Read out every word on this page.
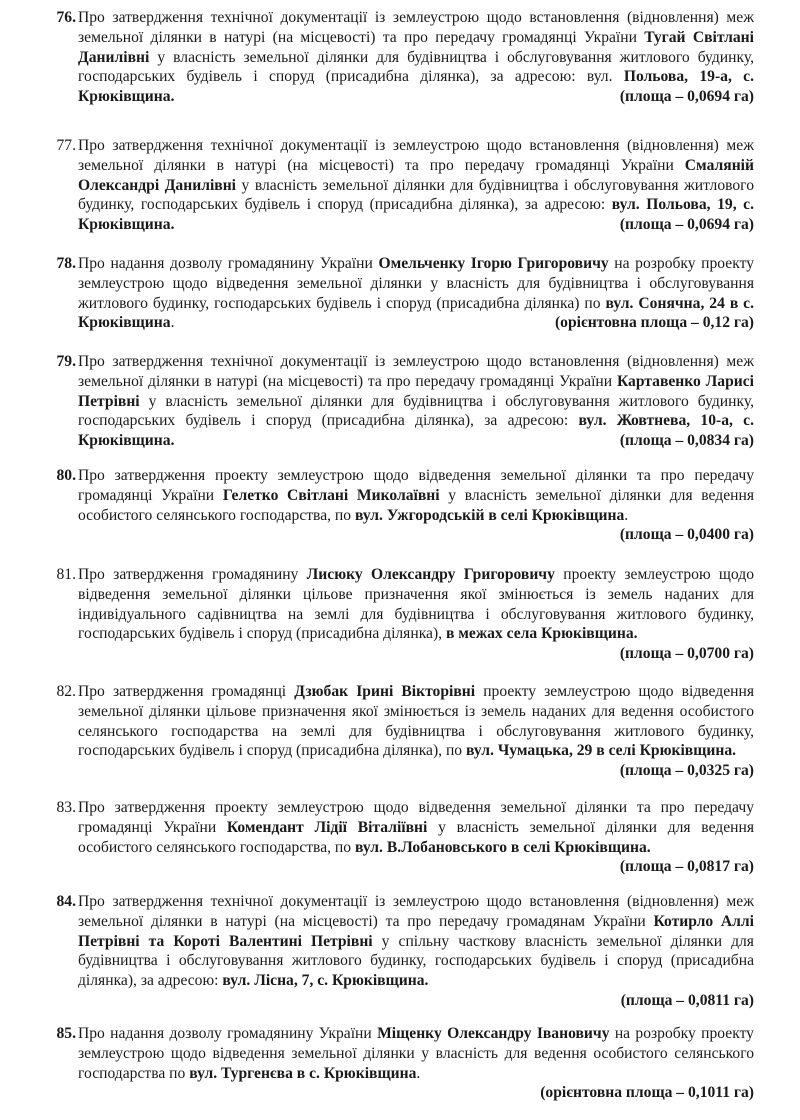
76. Про затвердження технічної документації із землеустрою щодо встановлення (відновлення) меж земельної ділянки в натурі (на місцевості) та про передачу громадянці України Тугай Світлані Данилівні у власність земельної ділянки для будівництва і обслуговування житлового будинку, господарських будівель і споруд (присадибна ділянка), за адресою: вул. Польова, 19-а, с. Крюківщина.	(площа – 0,0694 га)
77. Про затвердження технічної документації із землеустрою щодо встановлення (відновлення) меж земельної ділянки в натурі (на місцевості) та про передачу громадянці України Смаляній Олександрі Данилівні у власність земельної ділянки для будівництва і обслуговування житлового будинку, господарських будівель і споруд (присадибна ділянка), за адресою: вул. Польова, 19, с. Крюківщина.	(площа – 0,0694 га)
78. Про надання дозволу громадянину України Омельченку Ігорю Григоровичу на розробку проекту землеустрою щодо відведення земельної ділянки у власність для будівництва і обслуговування житлового будинку, господарських будівель і споруд (присадибна ділянка) по вул. Сонячна, 24 в с. Крюківщина.	(орієнтовна площа – 0,12 га)
79. Про затвердження технічної документації із землеустрою щодо встановлення (відновлення) меж земельної ділянки в натурі (на місцевості) та про передачу громадянці України Картавенко Ларисі Петрівні у власність земельної ділянки для будівництва і обслуговування житлового будинку, господарських будівель і споруд (присадибна ділянка), за адресою: вул. Жовтнева, 10-а, с. Крюківщина.	(площа – 0,0834 га)
80. Про затвердження проекту землеустрою щодо відведення земельної ділянки та про передачу громадянці України Гелетко Світлані Миколаївні у власність земельної ділянки для ведення особистого селянського господарства, по вул. Ужгородській в селі Крюківщина.
(площа – 0,0400 га)
81. Про затвердження громадянину Лисюку Олександру Григоровичу проекту землеустрою щодо відведення земельної ділянки цільове призначення якої змінюється із земель наданих для індивідуального садівництва на землі для будівництва і обслуговування житлового будинку, господарських будівель і споруд (присадибна ділянка), в межах села Крюківщина.
(площа – 0,0700 га)
82. Про затвердження громадянці Дзюбак Ірині Вікторівні проекту землеустрою щодо відведення земельної ділянки цільове призначення якої змінюється із земель наданих для ведення особистого селянського господарства на землі для будівництва і обслуговування житлового будинку, господарських будівель і споруд (присадибна ділянка), по вул. Чумацька, 29 в селі Крюківщина.
(площа – 0,0325 га)
83. Про затвердження проекту землеустрою щодо відведення земельної ділянки та про передачу громадянці України Комендант Лідії Віталіївні у власність земельної ділянки для ведення особистого селянського господарства, по вул. В.Лобановського в селі Крюківщина.
(площа – 0,0817 га)
84. Про затвердження технічної документації із землеустрою щодо встановлення (відновлення) меж земельної ділянки в натурі (на місцевості) та про передачу громадянам України Котирло Аллі Петрівні та Короті Валентині Петрівні у спільну часткову власність земельної ділянки для будівництва і обслуговування житлового будинку, господарських будівель і споруд (присадибна ділянка), за адресою: вул. Лісна, 7, с. Крюківщина.
(площа – 0,0811 га)
85. Про надання дозволу громадянину України Міщенку Олександру Івановичу на розробку проекту землеустрою щодо відведення земельної ділянки у власність для ведення особистого селянського господарства по вул. Тургенєва в с. Крюківщина.
(орієнтовна площа – 0,1011 га)
